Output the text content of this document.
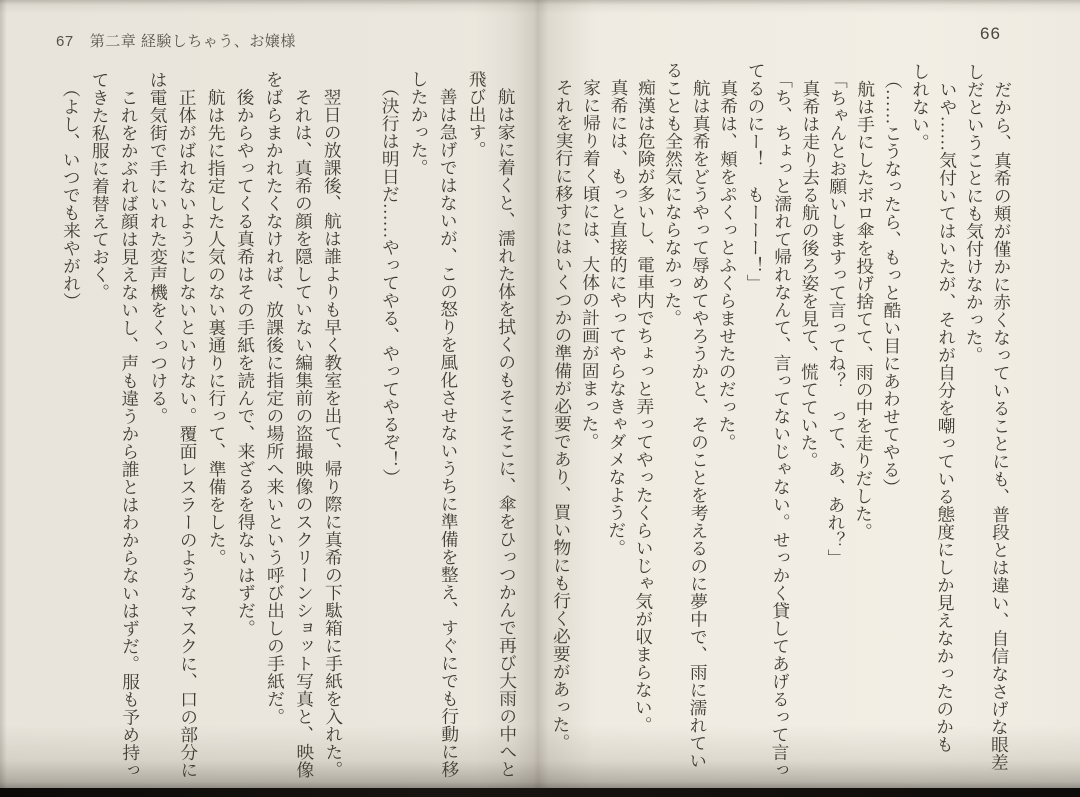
67 第二章 経験しちゃう、お嬢様

　航は家に着くと、濡れた体を拭くのもそこそこに、傘をひっつかんで再び大雨の中へと

飛び出す。

　善は急げではないが、この怒りを風化させないうちに準備を整え、すぐにでも行動に移

したかった。

　（決行は明日だ……やってやる、やってやるぞ！）

　翌日の放課後、航は誰よりも早く教室を出て、帰り際に真希の下駄箱に手紙を入れた。

　それは、真希の顔を隠していない編集前の盗撮映像のスクリーンショット写真と、映像

をばらまかれたくなければ、放課後に指定の場所へ来いという呼び出しの手紙だ。

　後からやってくる真希はその手紙を読んで、来ざるを得ないはずだ。

　航は先に指定した人気のない裏通りに行って、準備をした。

　正体がばれないようにしないといけない。覆面レスラーのようなマスクに、口の部分に

は電気街で手にいれた変声機をくっつける。

　これをかぶれば顔は見えないし、声も違うから誰とはわからないはずだ。服も予め持っ

てきた私服に着替えておく。

　（よし、いつでも来やがれ）

66

　だから、真希の頬が僅かに赤くなっていることにも、普段とは違い、自信なさげな眼差

しだということにも気付けなかった。

　いや……気付いてはいたが、それが自分を嘲っている態度にしか見えなかったのかも

しれない。

　（……こうなったら、もっと酷い目にあわせてやる）

　航は手にしたボロ傘を投げ捨てて、雨の中を走りだした。

　「ちゃんとお願いしますって言ってね？　って、あ、あれ？」

　真希は走り去る航の後ろ姿を見て、慌てていた。

　「ち、ちょっと濡れて帰れなんて、言ってないじゃない。せっかく貸してあげるって言っ

てるのにー！　もーーー！」

　真希は、頬をぷくっとふくらませたのだった。

　航は真希をどうやって辱めてやろうかと、そのことを考えるのに夢中で、雨に濡れてい

ることも全然気にならなかった。

　痴漢は危険が多いし、電車内でちょっと弄ってやったくらいじゃ気が収まらない。

　真希には、もっと直接的にやってやらなきゃダメなようだ。

　家に帰り着く頃には、大体の計画が固まった。

　それを実行に移すにはいくつかの準備が必要であり、買い物にも行く必要があった。
